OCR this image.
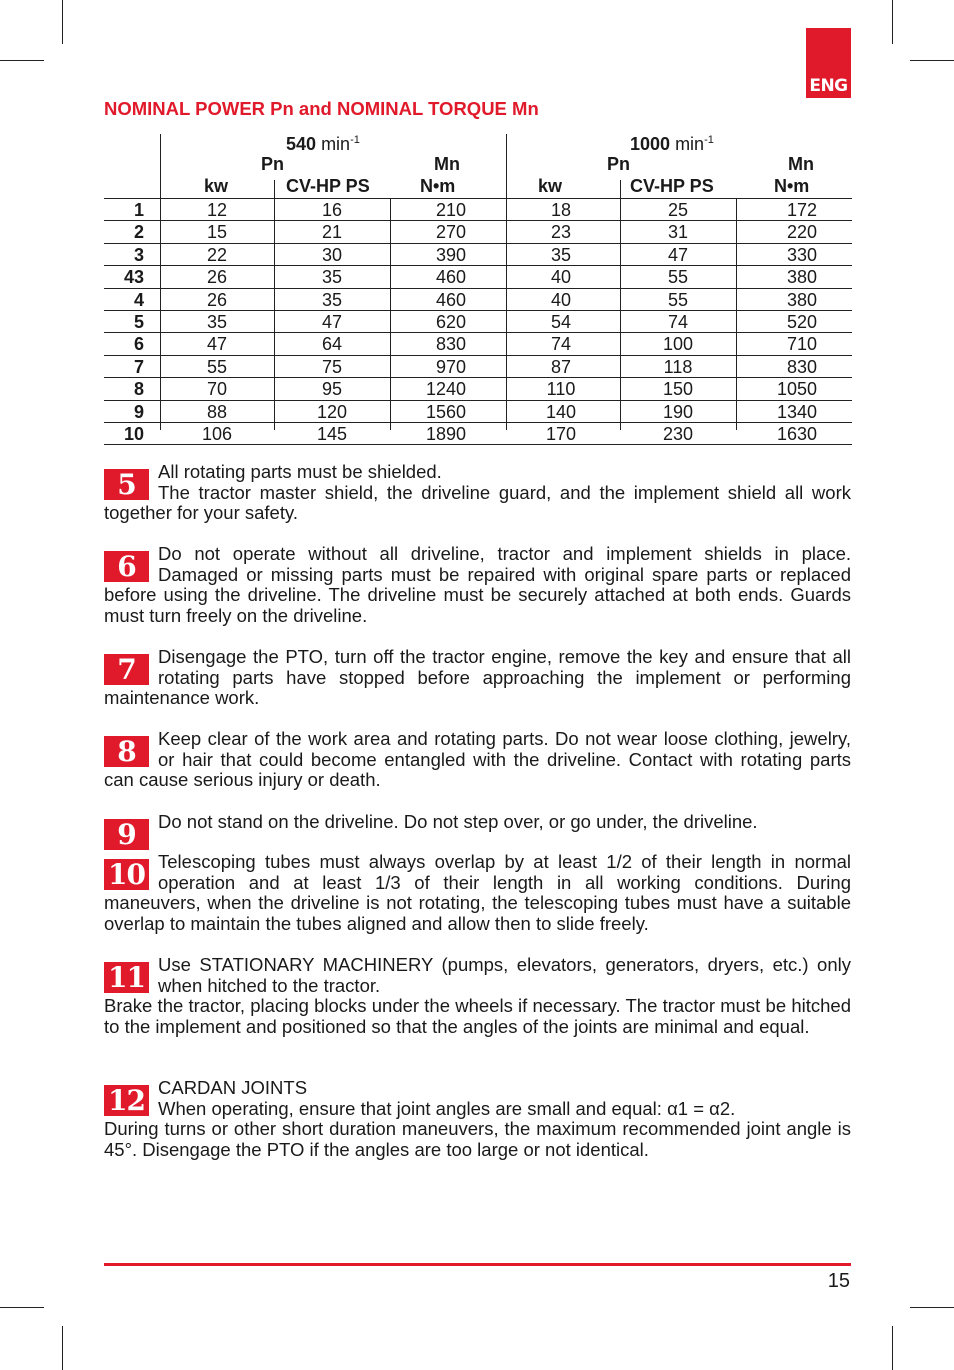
ENG
NOMINAL POWER Pn and NOMINAL TORQUE Mn
540 $\min^{-1}$	1000 $\min^{-1}$
Pn	Mn	Pn	Mn
kw	CV-HP PS	N•m	kw	CV-HP PS	N•m
1	12	16	210	18	25	172
2	15	21	270	23	31	220
3	22	30	390	35	47	330
43	26	35	460	40	55	380
4	26	35	460	40	55	380
5	35	47	620	54	74	520
6	47	64	830	74	100	710
7	55	75	970	87	118	830
8	70	95	1240	110	150	1050
9	88	120	1560	140	190	1340
10	106	145	1890	170	230	1630
5	All rotating parts must be shielded.
The tractor master shield, the driveline guard, and the implement shield all work together for your safety.
6	Do not operate without all driveline, tractor and implement shields in place. Damaged or missing parts must be repaired with original spare parts or replaced before using the driveline. The driveline must be securely attached at both ends. Guards must turn freely on the driveline.
7	Disengage the PTO, turn off the tractor engine, remove the key and ensure that all rotating parts have stopped before approaching the implement or performing maintenance work.
8	Keep clear of the work area and rotating parts. Do not wear loose clothing, jewelry, or hair that could become entangled with the driveline. Contact with rotating parts can cause serious injury or death.
9	Do not stand on the driveline. Do not step over, or go under, the driveline.
10 Telescoping tubes must always overlap by at least 1/2 of their length in normal operation and at least 1/3 of their length in all working conditions. During maneuvers, when the driveline is not rotating, the telescoping tubes must have a suitable overlap to maintain the tubes aligned and allow then to slide freely.
11 Use STATIONARY MACHINERY (pumps, elevators, generators, dryers, etc.) only when hitched to the tractor.
Brake the tractor, placing blocks under the wheels if necessary. The tractor must be hitched to the implement and positioned so that the angles of the joints are minimal and equal.
12 CARDAN JOINTS
When operating, ensure that joint angles are small and equal: α1 = α2.
During turns or other short duration maneuvers, the maximum recommended joint angle is 45°. Disengage the PTO if the angles are too large or not identical.
15
